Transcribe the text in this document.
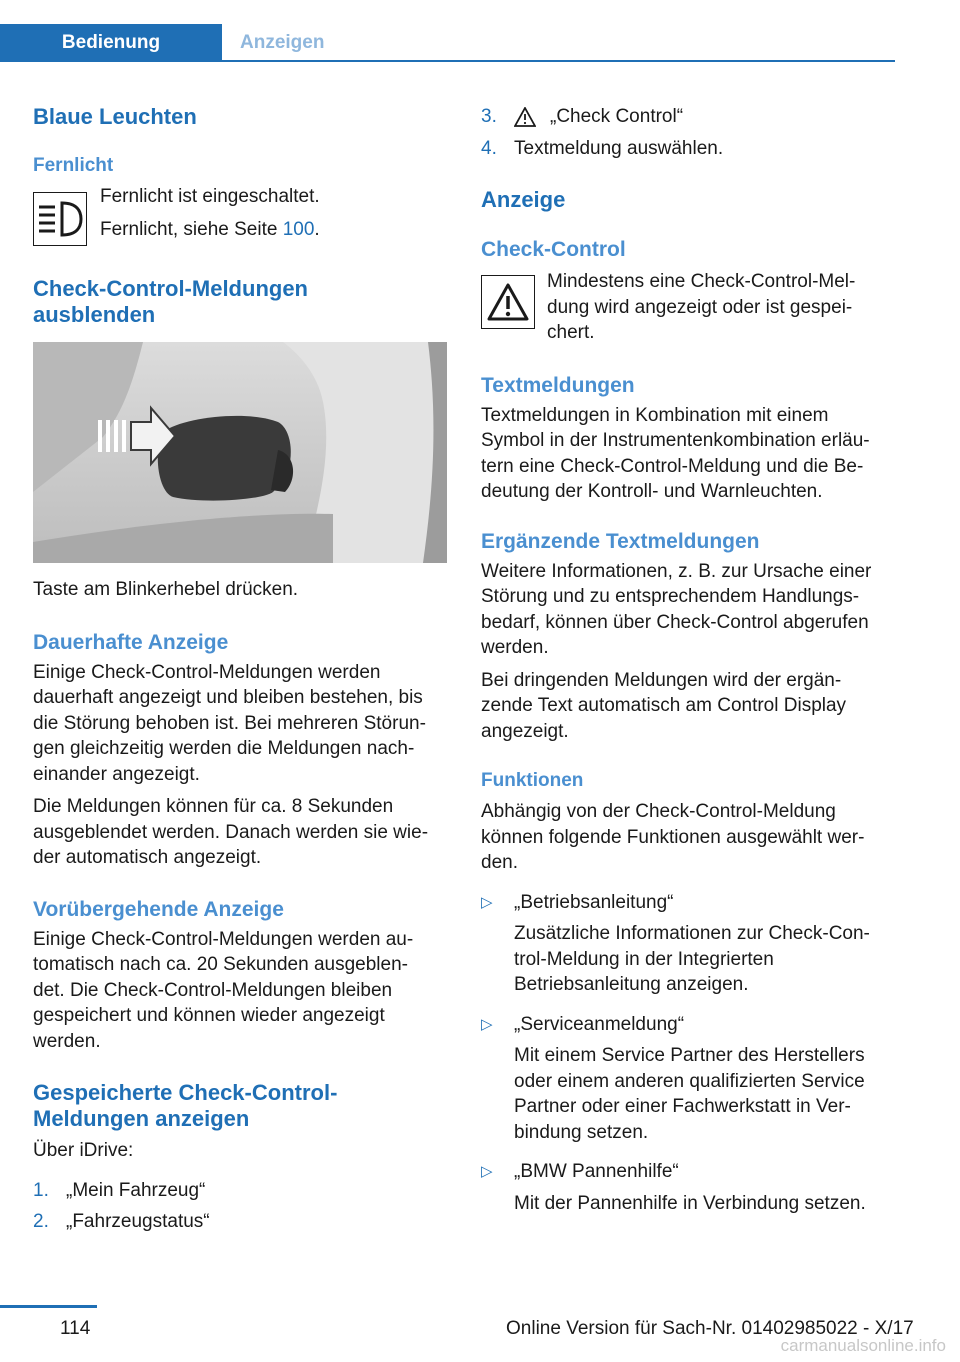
Bedienung	Anzeigen
Blaue Leuchten
Fernlicht

Fernlicht ist eingeschaltet.

Fernlicht, siehe Seite 100.

Check-Control-Meldungen
ausblenden

Taste am Blinkerhebel drücken.

Dauerhafte Anzeige

Einige Check-Control-Meldungen werden
dauerhaft angezeigt und bleiben bestehen, bis
die Störung behoben ist. Bei mehreren Störun-
gen gleichzeitig werden die Meldungen nach-
einander angezeigt.

Die Meldungen können für ca. 8 Sekunden
ausgeblendet werden. Danach werden sie wie-
der automatisch angezeigt.

Vorübergehende Anzeige

Einige Check-Control-Meldungen werden au-
tomatisch nach ca. 20 Sekunden ausgeblen-
det. Die Check-Control-Meldungen bleiben
gespeichert und können wieder angezeigt
werden.

Gespeicherte Check-Control-
Meldungen anzeigen

Über iDrive:

1. „Mein Fahrzeug“
2. „Fahrzeugstatus“
3.	„Check Control“
4. Textmeldung auswählen.
Anzeige
Check-Control

Mindestens eine Check-Control-Mel-
dung wird angezeigt oder ist gespei-
chert.

Textmeldungen

Textmeldungen in Kombination mit einem
Symbol in der Instrumentenkombination erläu-
tern eine Check-Control-Meldung und die Be-
deutung der Kontroll- und Warnleuchten.

Ergänzende Textmeldungen

Weitere Informationen, z. B. zur Ursache einer
Störung und zu entsprechendem Handlungs-
bedarf, können über Check-Control abgerufen
werden.

Bei dringenden Meldungen wird der ergän-
zende Text automatisch am Control Display
angezeigt.

Funktionen

Abhängig von der Check-Control-Meldung
können folgende Funktionen ausgewählt wer-
den.

▷	„Betriebsanleitung“

Zusätzliche Informationen zur Check-Con-
trol-Meldung in der Integrierten
Betriebsanleitung anzeigen.

▷	„Serviceanmeldung“

Mit einem Service Partner des Herstellers
oder einem anderen qualifizierten Service
Partner oder einer Fachwerkstatt in Ver-
bindung setzen.

▷	„BMW Pannenhilfe“

Mit der Pannenhilfe in Verbindung setzen.

114	Online Version für Sach-Nr. 01402985022 - X/17
carmanualsonline.info
